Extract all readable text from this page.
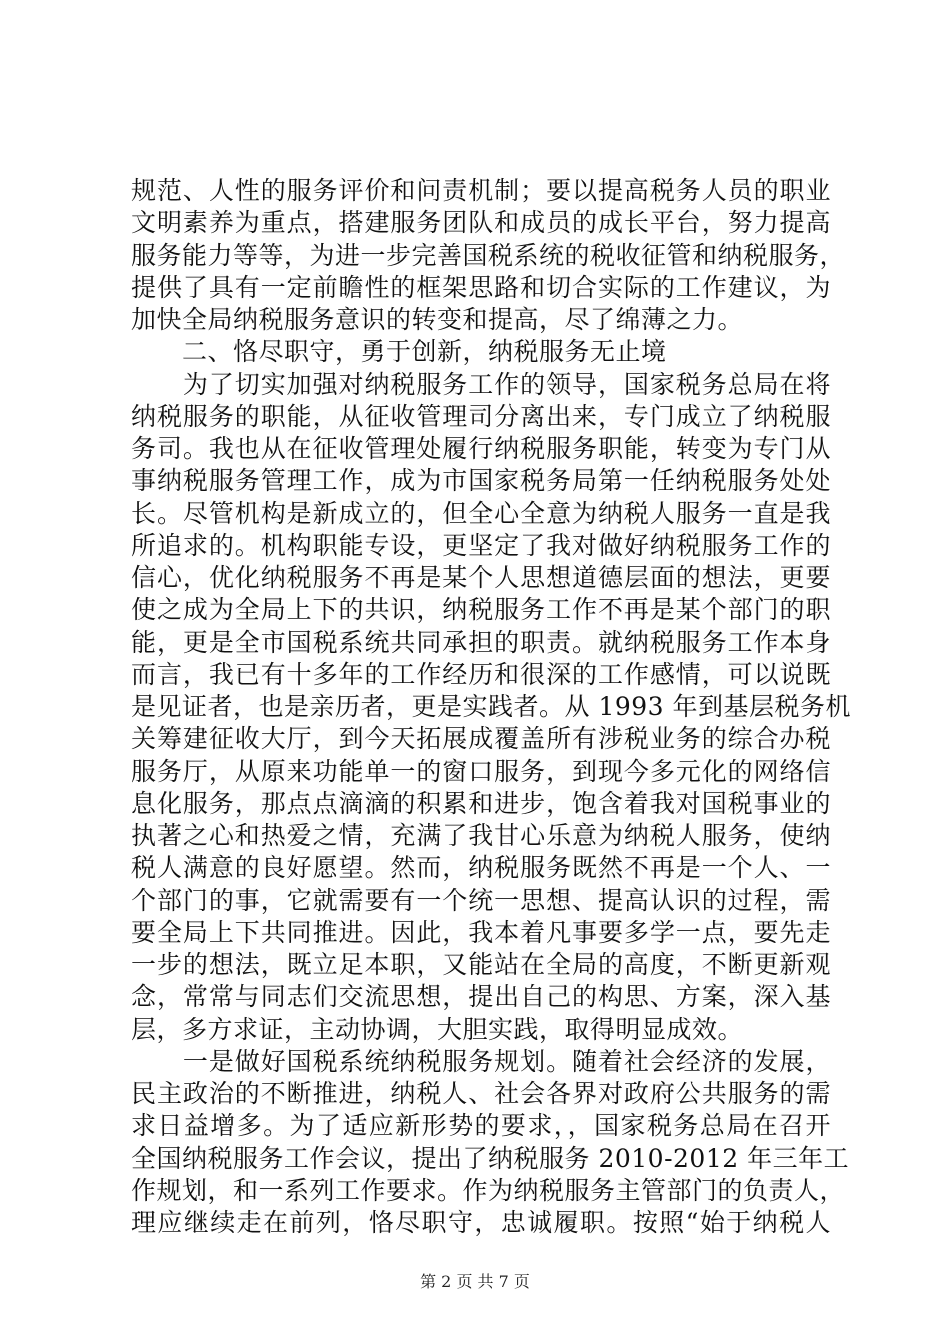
规范、人性的服务评价和问责机制；要以提高税务人员的职业
文明素养为重点，搭建服务团队和成员的成长平台，努力提高
服务能力等等，为进一步完善国税系统的税收征管和纳税服务，
提供了具有一定前瞻性的框架思路和切合实际的工作建议，为
加快全局纳税服务意识的转变和提高，尽了绵薄之力。
　　二、恪尽职守，勇于创新，纳税服务无止境
　　为了切实加强对纳税服务工作的领导，国家税务总局在将
纳税服务的职能，从征收管理司分离出来，专门成立了纳税服
务司。我也从在征收管理处履行纳税服务职能，转变为专门从
事纳税服务管理工作，成为市国家税务局第一任纳税服务处处
长。尽管机构是新成立的，但全心全意为纳税人服务一直是我
所追求的。机构职能专设，更坚定了我对做好纳税服务工作的
信心，优化纳税服务不再是某个人思想道德层面的想法，更要
使之成为全局上下的共识，纳税服务工作不再是某个部门的职
能，更是全市国税系统共同承担的职责。就纳税服务工作本身
而言，我已有十多年的工作经历和很深的工作感情，可以说既
是见证者，也是亲历者，更是实践者。从 1993 年到基层税务机
关筹建征收大厅，到今天拓展成覆盖所有涉税业务的综合办税
服务厅，从原来功能单一的窗口服务，到现今多元化的网络信
息化服务，那点点滴滴的积累和进步，饱含着我对国税事业的
执著之心和热爱之情，充满了我甘心乐意为纳税人服务，使纳
税人满意的良好愿望。然而，纳税服务既然不再是一个人、一
个部门的事，它就需要有一个统一思想、提高认识的过程，需
要全局上下共同推进。因此，我本着凡事要多学一点，要先走
一步的想法，既立足本职，又能站在全局的高度，不断更新观
念，常常与同志们交流思想，提出自己的构思、方案，深入基
层，多方求证，主动协调，大胆实践，取得明显成效。
　　一是做好国税系统纳税服务规划。随着社会经济的发展，
民主政治的不断推进，纳税人、社会各界对政府公共服务的需
求日益增多。为了适应新形势的要求，，国家税务总局在召开
全国纳税服务工作会议，提出了纳税服务 2010-2012 年三年工
作规划，和一系列工作要求。作为纳税服务主管部门的负责人，
理应继续走在前列，恪尽职守，忠诚履职。按照“始于纳税人
第 2 页 共 7 页
